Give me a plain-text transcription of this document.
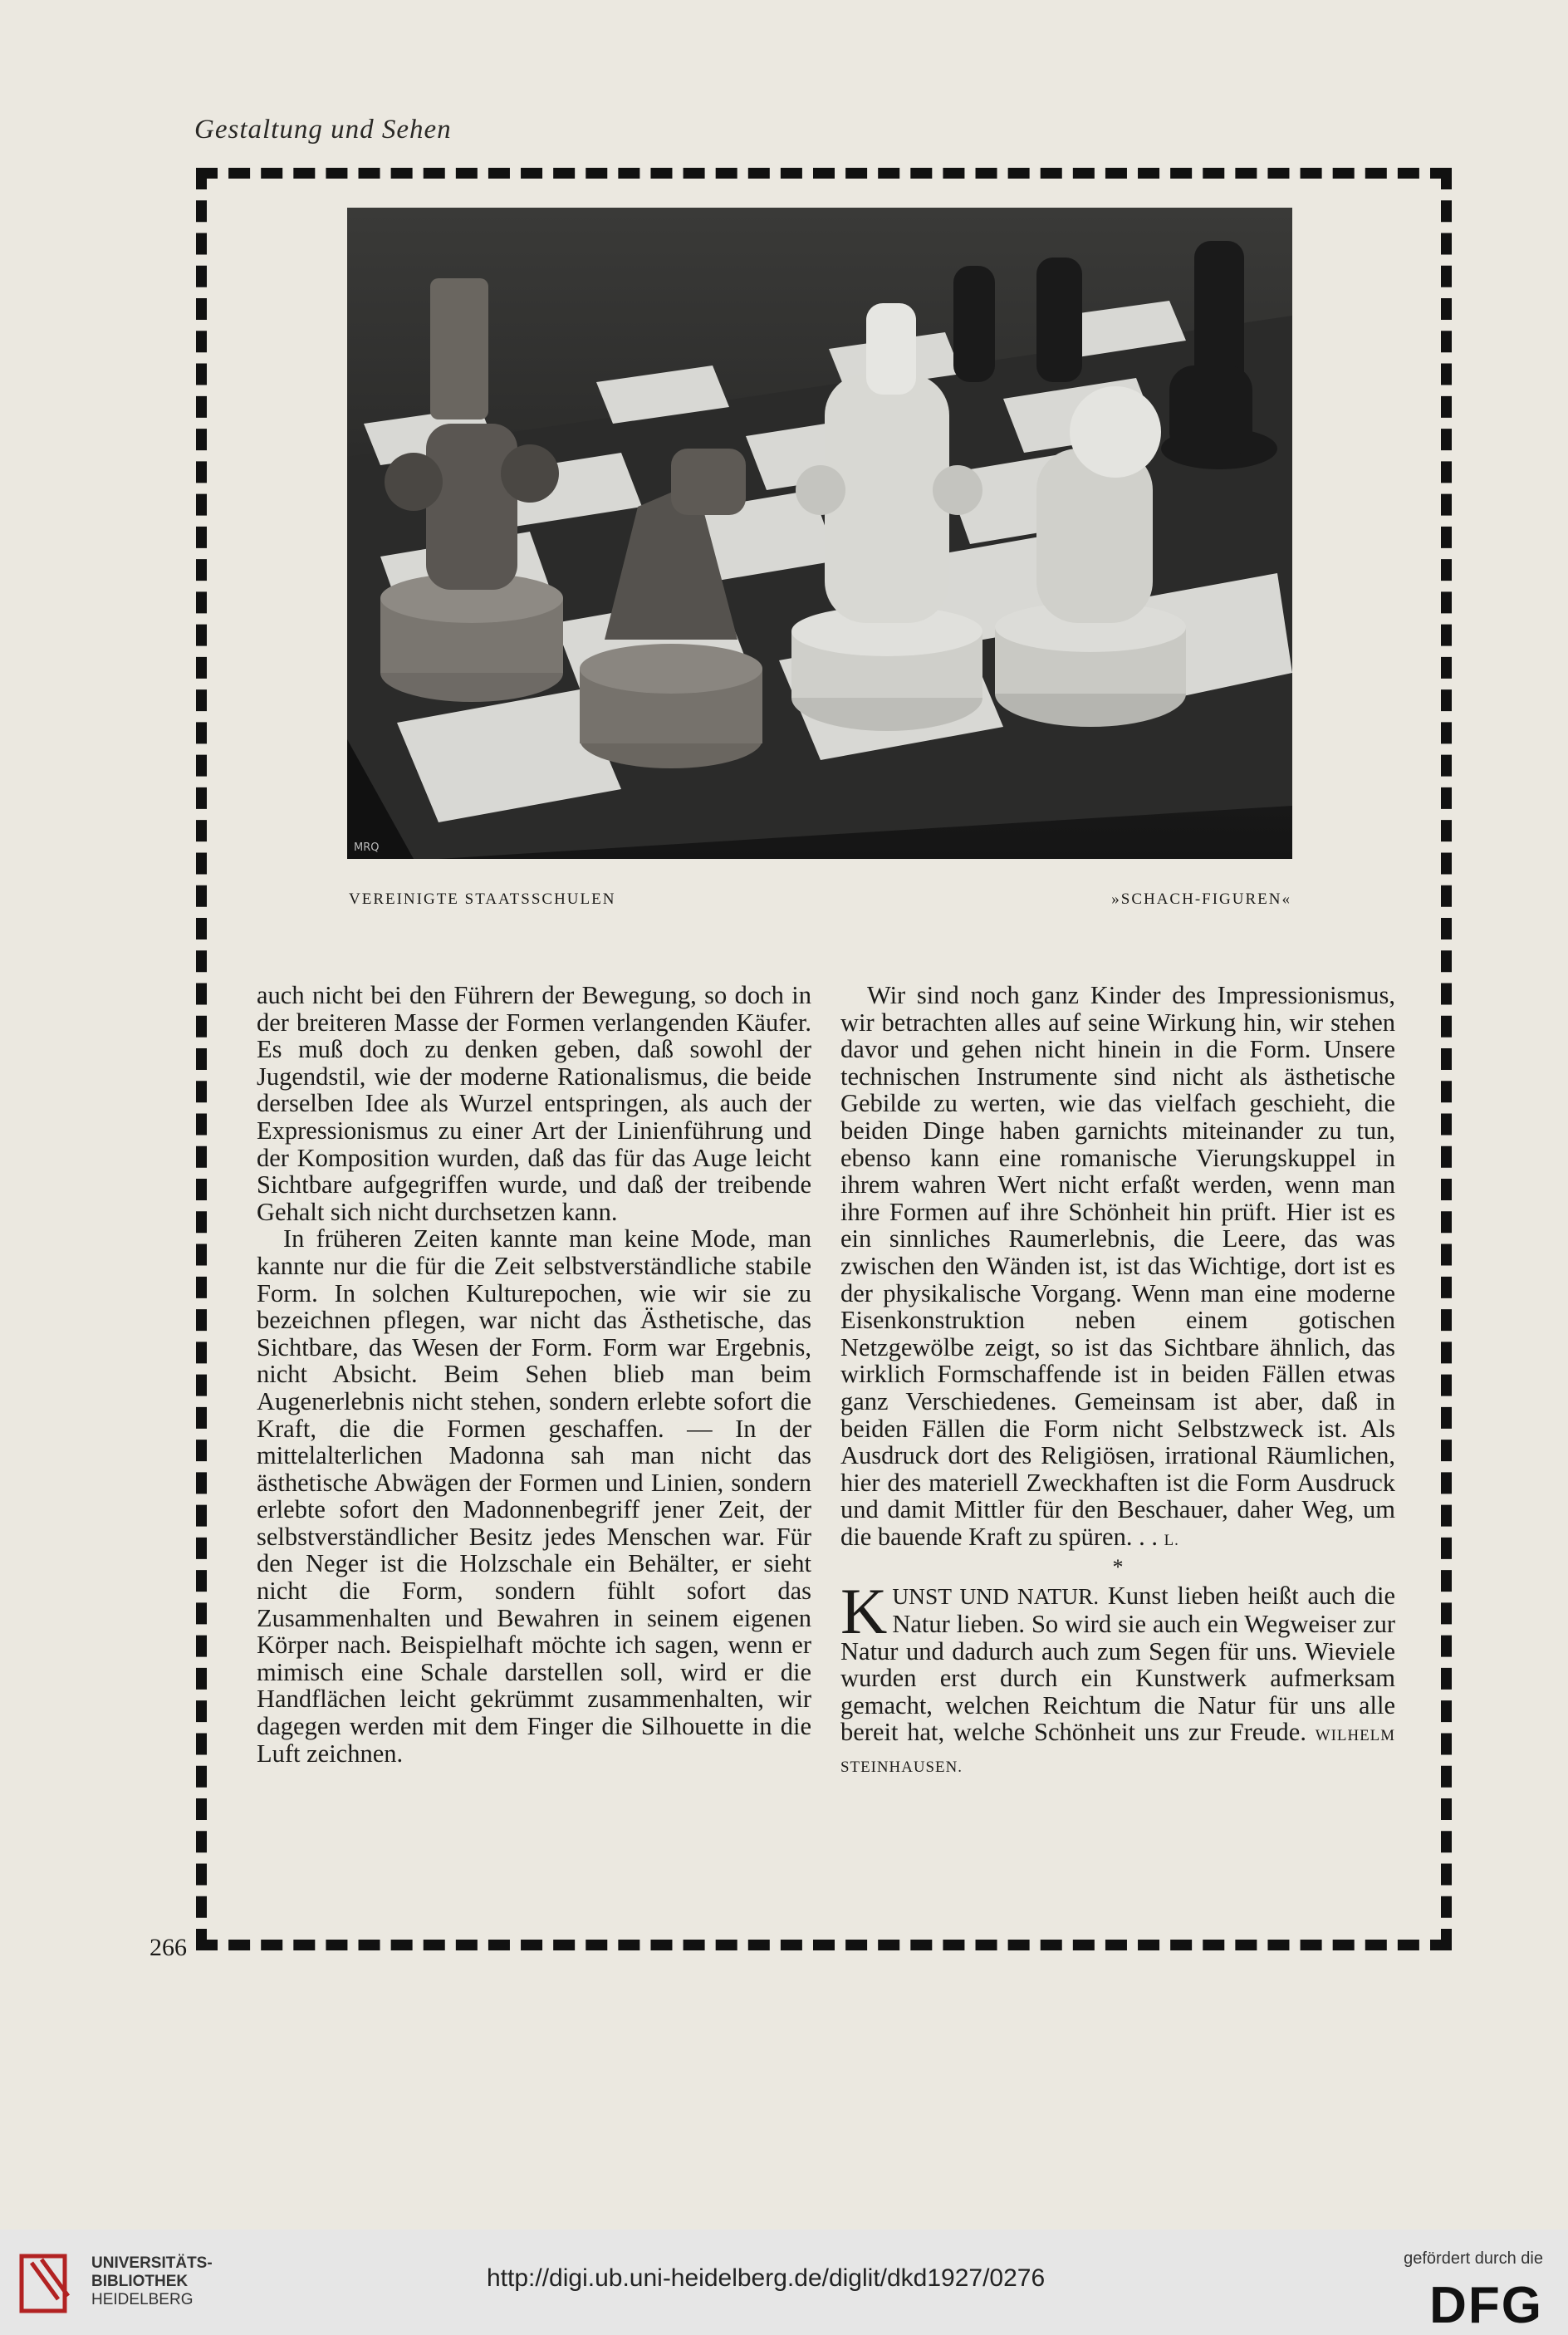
Gestaltung und Sehen
MRQ
VEREINIGTE STAATSSCHULEN	»SCHACH-FIGUREN«

auch nicht bei den Führern der Bewegung, so doch in der breiteren Masse der Formen verlangenden Käufer. Es muß doch zu denken geben, daß sowohl der Jugendstil, wie der moderne Rationalismus, die beide derselben Idee als Wurzel entspringen, als auch der Expressionismus zu einer Art der Linienführung und der Komposition wurden, daß das für das Auge leicht Sichtbare aufgegriffen wurde, und daß der treibende Gehalt sich nicht durchsetzen kann.

In früheren Zeiten kannte man keine Mode, man kannte nur die für die Zeit selbstverständliche stabile Form. In solchen Kulturepochen, wie wir sie zu bezeichnen pflegen, war nicht das Ästhetische, das Sichtbare, das Wesen der Form. Form war Ergebnis, nicht Absicht. Beim Sehen blieb man beim Augenerlebnis nicht stehen, sondern erlebte sofort die Kraft, die die Formen geschaffen. — In der mittelalterlichen Madonna sah man nicht das ästhetische Abwägen der Formen und Linien, sondern erlebte sofort den Madonnenbegriff jener Zeit, der selbstverständlicher Besitz jedes Menschen war. Für den Neger ist die Holzschale ein Behälter, er sieht nicht die Form, sondern fühlt sofort das Zusammenhalten und Bewahren in seinem eigenen Körper nach. Beispielhaft möchte ich sagen, wenn er mimisch eine Schale darstellen soll, wird er die Handflächen leicht gekrümmt zusammenhalten, wir dagegen werden mit dem Finger die Silhouette in die Luft zeichnen.

Wir sind noch ganz Kinder des Impressionismus, wir betrachten alles auf seine Wirkung hin, wir stehen davor und gehen nicht hinein in die Form. Unsere technischen Instrumente sind nicht als ästhetische Gebilde zu werten, wie das vielfach geschieht, die beiden Dinge haben garnichts miteinander zu tun, ebenso kann eine romanische Vierungskuppel in ihrem wahren Wert nicht erfaßt werden, wenn man ihre Formen auf ihre Schönheit hin prüft. Hier ist es ein sinnliches Raumerlebnis, die Leere, das was zwischen den Wänden ist, ist das Wichtige, dort ist es der physikalische Vorgang. Wenn man eine moderne Eisenkonstruktion neben einem gotischen Netzgewölbe zeigt, so ist das Sichtbare ähnlich, das wirklich Formschaffende ist in beiden Fällen etwas ganz Verschiedenes. Gemeinsam ist aber, daß in beiden Fällen die Form nicht Selbstzweck ist. Als Ausdruck dort des Religiösen, irrational Räumlichen, hier des materiell Zweckhaften ist die Form Ausdruck und damit Mittler für den Beschauer, daher Weg, um die bauende Kraft zu spüren. . . L.

*

KUNST UND NATUR. Kunst lieben heißt auch die Natur lieben. So wird sie auch ein Wegweiser zur Natur und dadurch auch zum Segen für uns. Wieviele wurden erst durch ein Kunstwerk aufmerksam gemacht, welchen Reichtum die Natur für uns alle bereit hat, welche Schönheit uns zur Freude. WILHELM STEINHAUSEN.

266
UNIVERSITÄTS-
BIBLIOTHEK
HEIDELBERG
http://digi.ub.uni-heidelberg.de/diglit/dkd1927/0276
gefördert durch die
DFG
